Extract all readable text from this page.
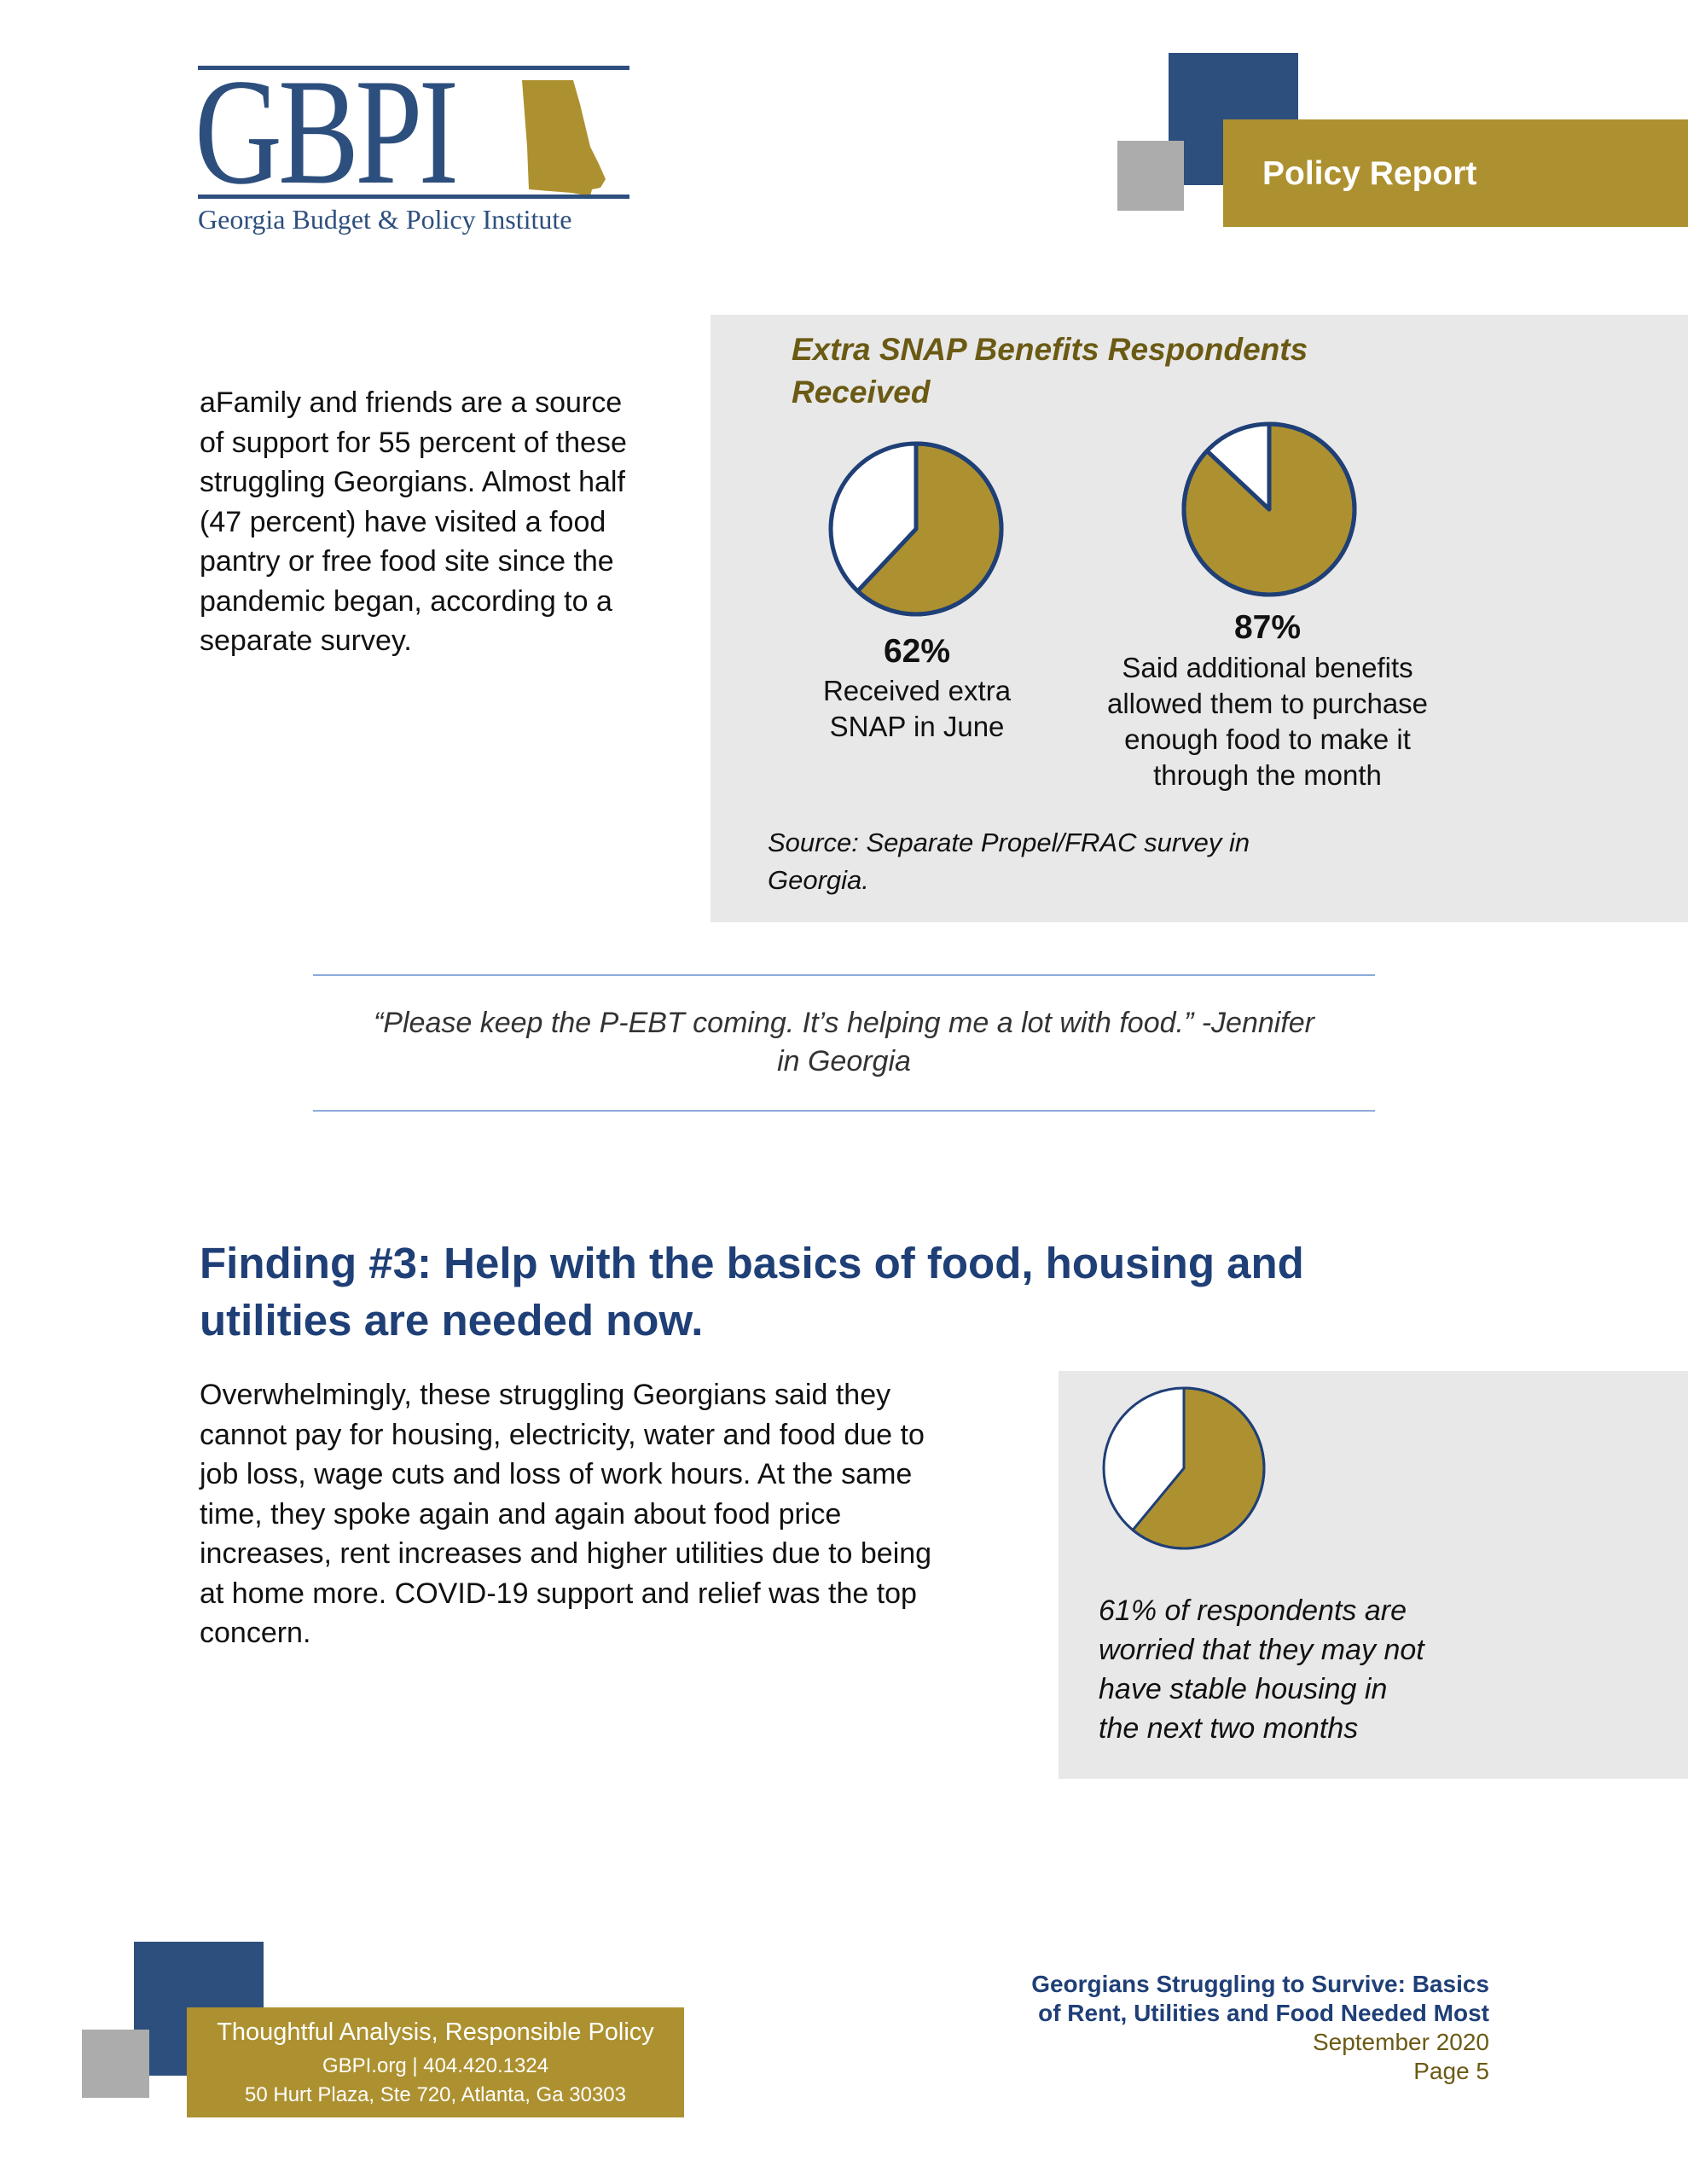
GBPI
Georgia Budget & Policy Institute
Policy Report
aFamily and friends are a source
of support for 55 percent of these
struggling Georgians. Almost half
(47 percent) have visited a food
pantry or free food site since the
pandemic began, according to a
separate survey.
Extra SNAP Benefits Respondents
Received
62%
Received extra
SNAP in June
87%
Said additional benefits
allowed them to purchase
enough food to make it
through the month
Source: Separate Propel/FRAC survey in
Georgia.
“Please keep the P-EBT coming. It’s helping me a lot with food.” -Jennifer
in Georgia
Finding #3: Help with the basics of food, housing and
utilities are needed now.
Overwhelmingly, these struggling Georgians said they
cannot pay for housing, electricity, water and food due to
job loss, wage cuts and loss of work hours. At the same
time, they spoke again and again about food price
increases, rent increases and higher utilities due to being
at home more. COVID-19 support and relief was the top
concern.
61% of respondents are
worried that they may not
have stable housing in
the next two months
Thoughtful Analysis, Responsible Policy
GBPI.org | 404.420.1324
50 Hurt Plaza, Ste 720, Atlanta, Ga 30303
Georgians Struggling to Survive: Basics
of Rent, Utilities and Food Needed Most
September 2020
Page 5
